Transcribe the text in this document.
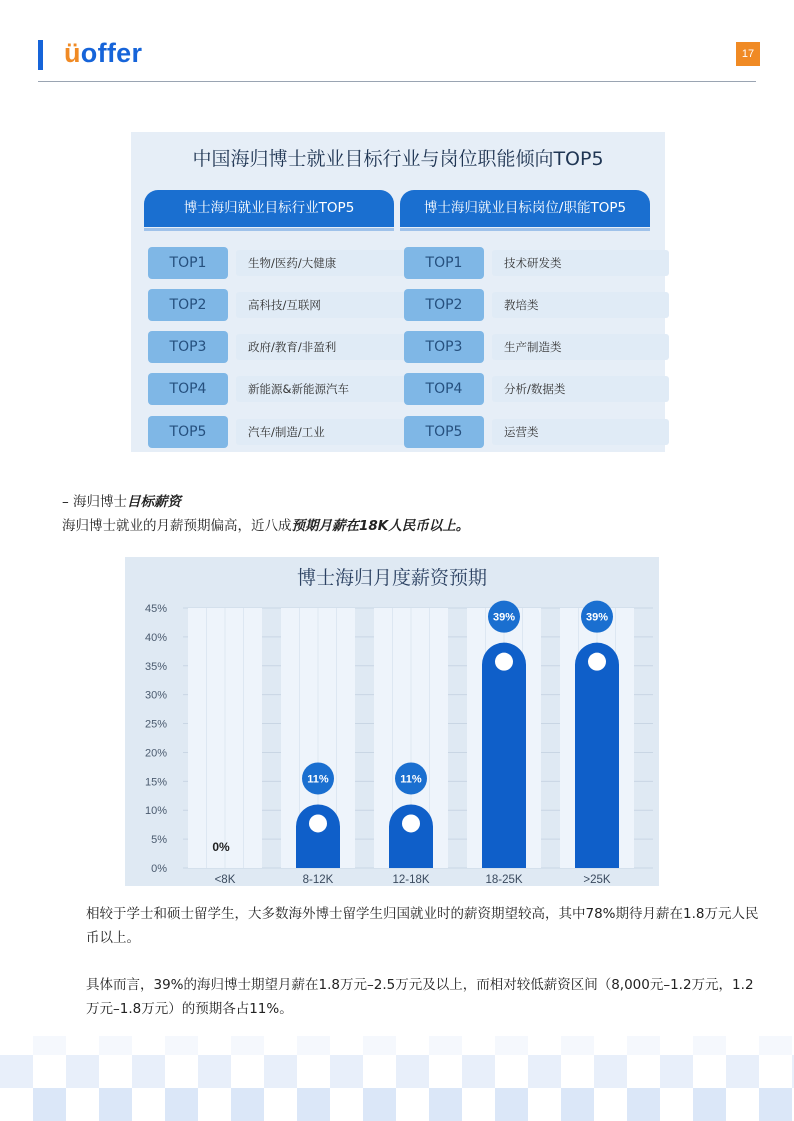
üoffer	17
中国海归博士就业目标行业与岗位职能倾向TOP5
博士海归就业目标行业TOP5
TOP1	生物/医药/大健康
TOP2	高科技/互联网
TOP3	政府/教育/非盈利
TOP4	新能源&新能源汽车
TOP5	汽车/制造/工业
博士海归就业目标岗位/职能TOP5
TOP1	技术研发类
TOP2	教培类
TOP3	生产制造类
TOP4	分析/数据类
TOP5	运营类
– 海归博士目标薪资
海归博士就业的月薪预期偏高，近八成预期月薪在18K人民币以上。
博士海归月度薪资预期
0%
5%
10%
15%
20%
25%
30%
35%
40%
45%
0%
<8K
11%
8-12K
11%
12-18K
39%
18-25K
39%
>25K
相较于学士和硕士留学生，大多数海外博士留学生归国就业时的薪资期望较高，其中78%期待月薪在1.8万元人民币以上。
具体而言，39%的海归博士期望月薪在1.8万元–2.5万元及以上，而相对较低薪资区间（8,000元–1.2万元，1.2万元–1.8万元）的预期各占11%。
